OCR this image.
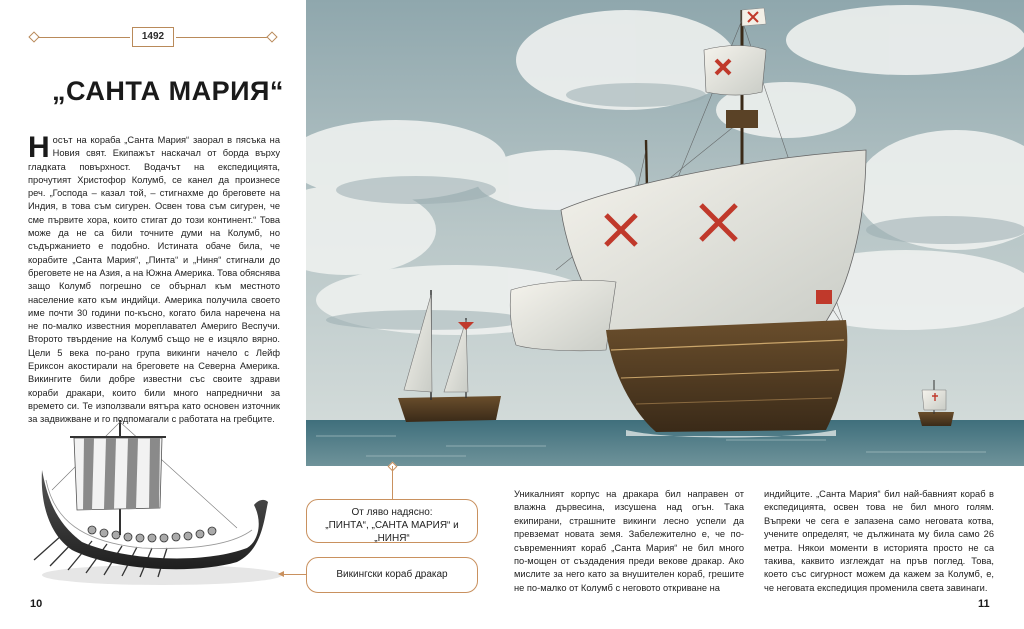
1492
„САНТА МАРИЯ“
Носът на кораба „Санта Мария“ заорал в пясъка на Новия свят. Екипажът наскачал от борда върху гладката повърхност. Водачът на експедицията, прочутият Христофор Колумб, се канел да произнесе реч. „Господа – казал той, – стигнахме до бреговете на Индия, в това съм сигурен. Освен това съм сигурен, че сме първите хора, които стигат до този континент.“ Това може да не са били точните думи на Колумб, но съдържанието е подобно. Истината обаче била, че корабите „Санта Мария“, „Пинта“ и „Ниня“ стигнали до бреговете не на Азия, а на Южна Америка. Това обяснява защо Колумб погрешно се обърнал към местното население като към индийци. Америка получила своето име почти 30 години по-късно, когато била наречена на не по-малко известния мореплавател Америго Веспучи. Второто твърдение на Колумб също не е изцяло вярно. Цели 5 века по-рано група викинги начело с Лейф Ериксон акостирали на бреговете на Северна Америка. Викингите били добре известни със своите здрави кораби дракари, които били много напреднични за времето си. Те използвали вятъра като основен източник за задвижване и го подпомагали с работата на гребците.
10
От ляво надясно:
„ПИНТА“, „САНТА МАРИЯ“ и „НИНЯ“
Викингски кораб дракар
Уникалният корпус на дракара бил направен от влажна дървесина, изсушена над огън. Така екипирани, страшните викинги лесно успели да превземат новата земя. Забележително е, че по-съвременният кораб „Санта Мария“ не бил много по-мощен от създадения преди векове дракар. Ако мислите за него като за внушителен кораб, грешите не по-малко от Колумб с неговото откриване на
индийците. „Санта Мария“ бил най-бавният кораб в експедицията, освен това не бил много голям. Въпреки че сега е запазена само неговата котва, учените определят, че дължината му била само 26 метра. Някои моменти в историята просто не са такива, каквито изглеждат на пръв поглед. Това, което със сигурност можем да кажем за Колумб, е, че неговата експедиция променила света завинаги.
11
